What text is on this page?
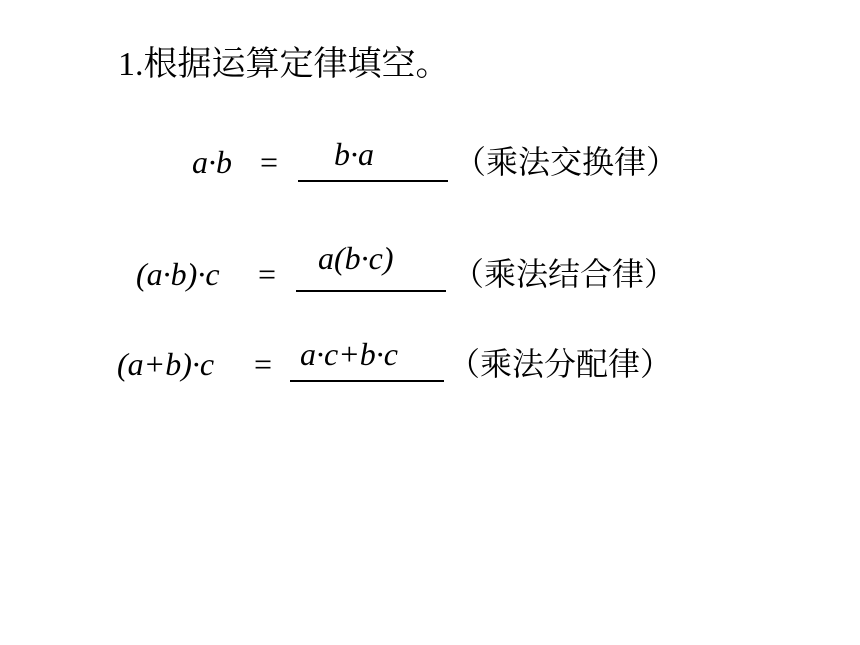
1.根据运算定律填空。
a·b = b·a	（乘法交换律）
(a·b)·c = a(b·c) （乘法结合律）
(a+b)·c = a·c+b·c （乘法分配律）
